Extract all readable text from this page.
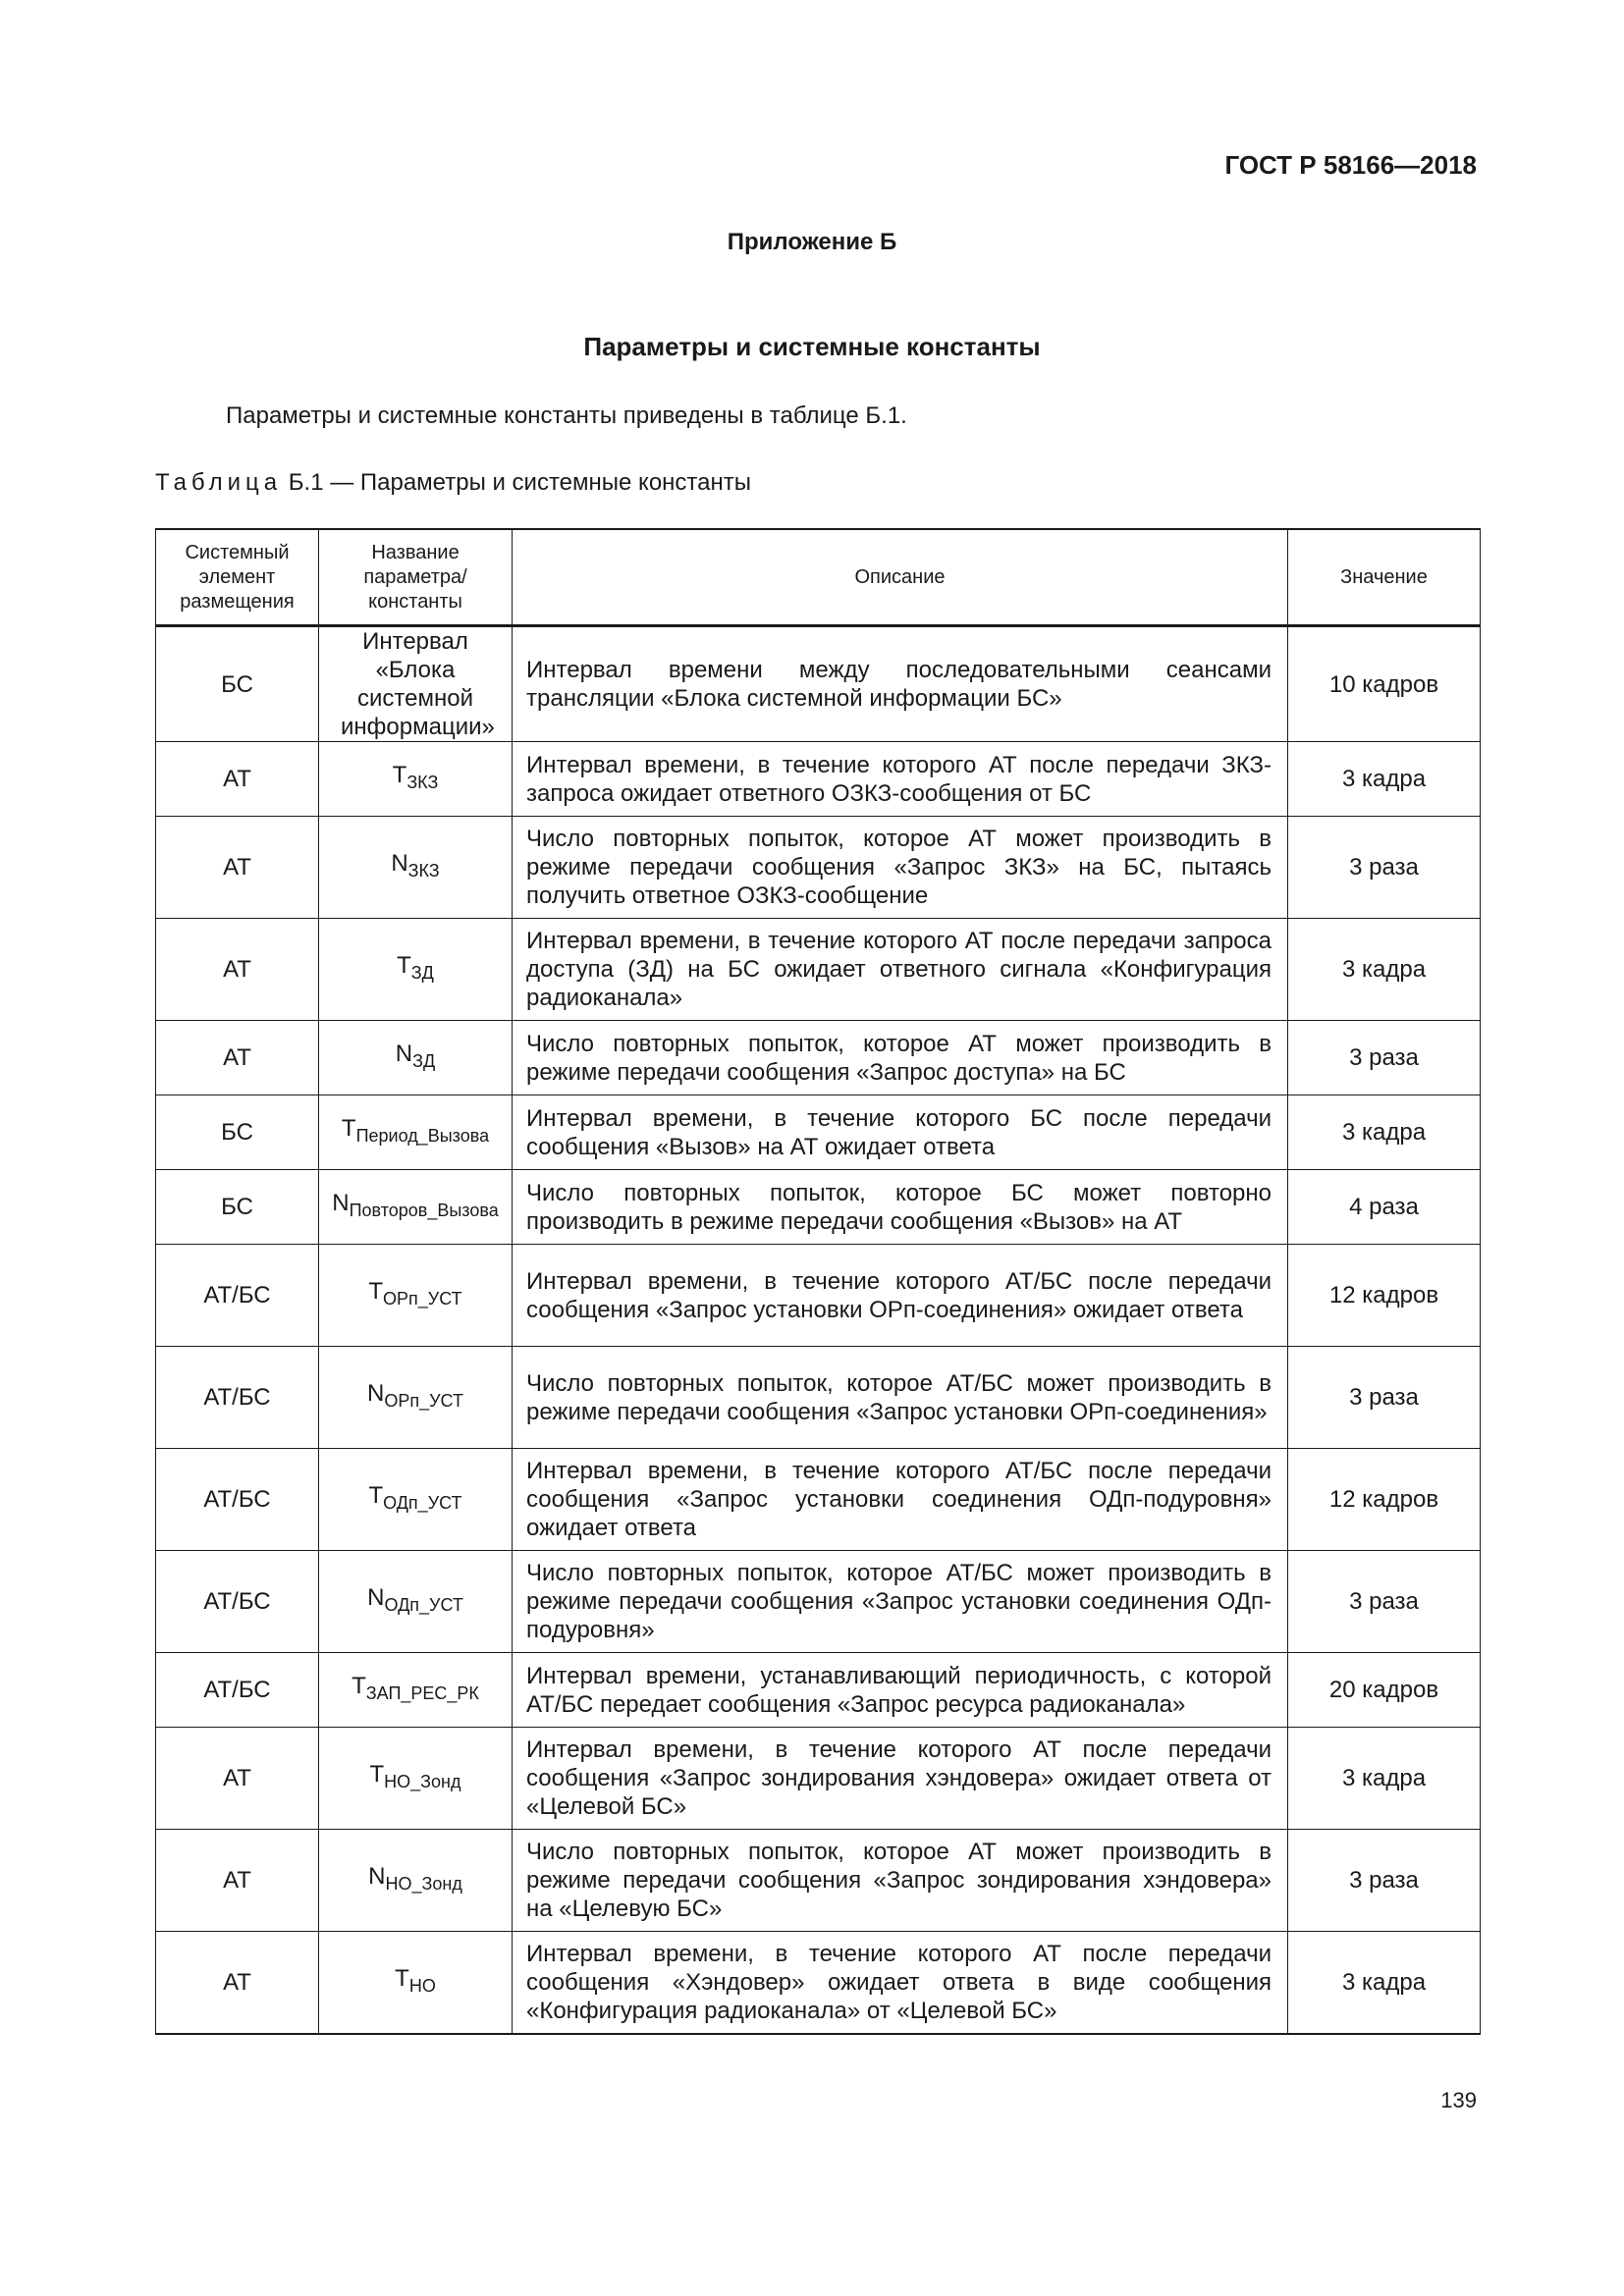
ГОСТ Р 58166—2018
Приложение Б
Параметры и системные константы
Параметры и системные константы приведены в таблице Б.1.
Таблица Б.1 — Параметры и системные константы
Системный элемент размещения	Название параметра/ константы	Описание	Значение
БС	Интервал «Блока системной информации»	Интервал времени между последовательными сеансами трансляции «Блока системной информации БС»	10 кадров
АТ	$T_{ЗКЗ}$	Интервал времени, в течение которого АТ после передачи ЗКЗ-запроса ожидает ответного ОЗКЗ-сообщения от БС	3 кадра
АТ	$N_{ЗКЗ}$	Число повторных попыток, которое АТ может производить в режиме передачи сообщения «Запрос ЗКЗ» на БС, пытаясь получить ответное ОЗКЗ-сообщение	3 раза
АТ	$T_{ЗД}$	Интервал времени, в течение которого АТ после передачи запроса доступа (ЗД) на БС ожидает ответного сигнала «Конфигурация радиоканала»	3 кадра
АТ	$N_{ЗД}$	Число повторных попыток, которое АТ может производить в режиме передачи сообщения «Запрос доступа» на БС	3 раза
БС	$T_{Период\_Вызова}$	Интервал времени, в течение которого БС после передачи сообщения «Вызов» на АТ ожидает ответа	3 кадра
БС	$N_{Повторов\_Вызова}$	Число повторных попыток, которое БС может повторно производить в режиме передачи сообщения «Вызов» на АТ	4 раза
АТ/БС	$T_{ОРп\_УСТ}$	Интервал времени, в течение которого АТ/БС после передачи сообщения «Запрос установки ОРп-соединения» ожидает ответа	12 кадров
АТ/БС	$N_{ОРп\_УСТ}$	Число повторных попыток, которое АТ/БС может производить в режиме передачи сообщения «Запрос установки ОРп-соединения»	3 раза
АТ/БС	$T_{ОДп\_УСТ}$	Интервал времени, в течение которого АТ/БС после передачи сообщения «Запрос установки соединения ОДп-подуровня» ожидает ответа	12 кадров
АТ/БС	$N_{ОДп\_УСТ}$	Число повторных попыток, которое АТ/БС может производить в режиме передачи сообщения «Запрос установки соединения ОДп-подуровня»	3 раза
АТ/БС	$T_{ЗАП\_РЕС\_РК}$	Интервал времени, устанавливающий периодичность, с которой АТ/БС передает сообщения «Запрос ресурса радиоканала»	20 кадров
АТ	$T_{НО\_Зонд}$	Интервал времени, в течение которого АТ после передачи сообщения «Запрос зондирования хэндовера» ожидает ответа от «Целевой БС»	3 кадра
АТ	$N_{НО\_Зонд}$	Число повторных попыток, которое АТ может производить в режиме передачи сообщения «Запрос зондирования хэндовера» на «Целевую БС»	3 раза
АТ	$T_{НО}$	Интервал времени, в течение которого АТ после передачи сообщения «Хэндовер» ожидает ответа в виде сообщения «Конфигурация радиоканала» от «Целевой БС»	3 кадра
139
